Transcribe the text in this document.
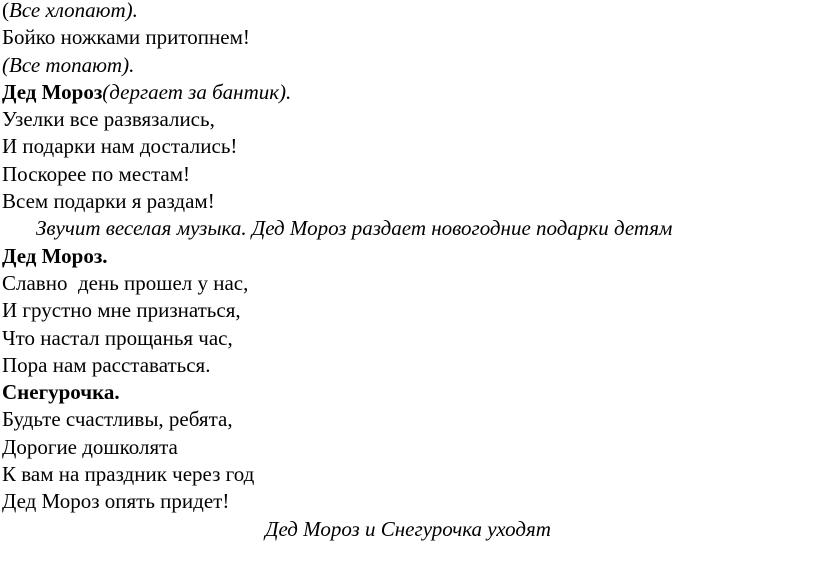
(Все хлопают).
Бойко ножками притопнем!
(Все топают).
Дед Мороз(дергает за бантик).
Узелки все развязались,
И подарки нам достались!
Поскорее по местам!
Всем подарки я раздам!
Звучит веселая музыка. Дед Мороз раздает новогодние подарки детям
Дед Мороз.
Славно  день прошел у нас,
И грустно мне признаться,
Что настал прощанья час,
Пора нам расставаться.
Снегурочка.
Будьте счастливы, ребята,
Дорогие дошколята
К вам на праздник через год
Дед Мороз опять придет!
Дед Мороз и Снегурочка уходят
